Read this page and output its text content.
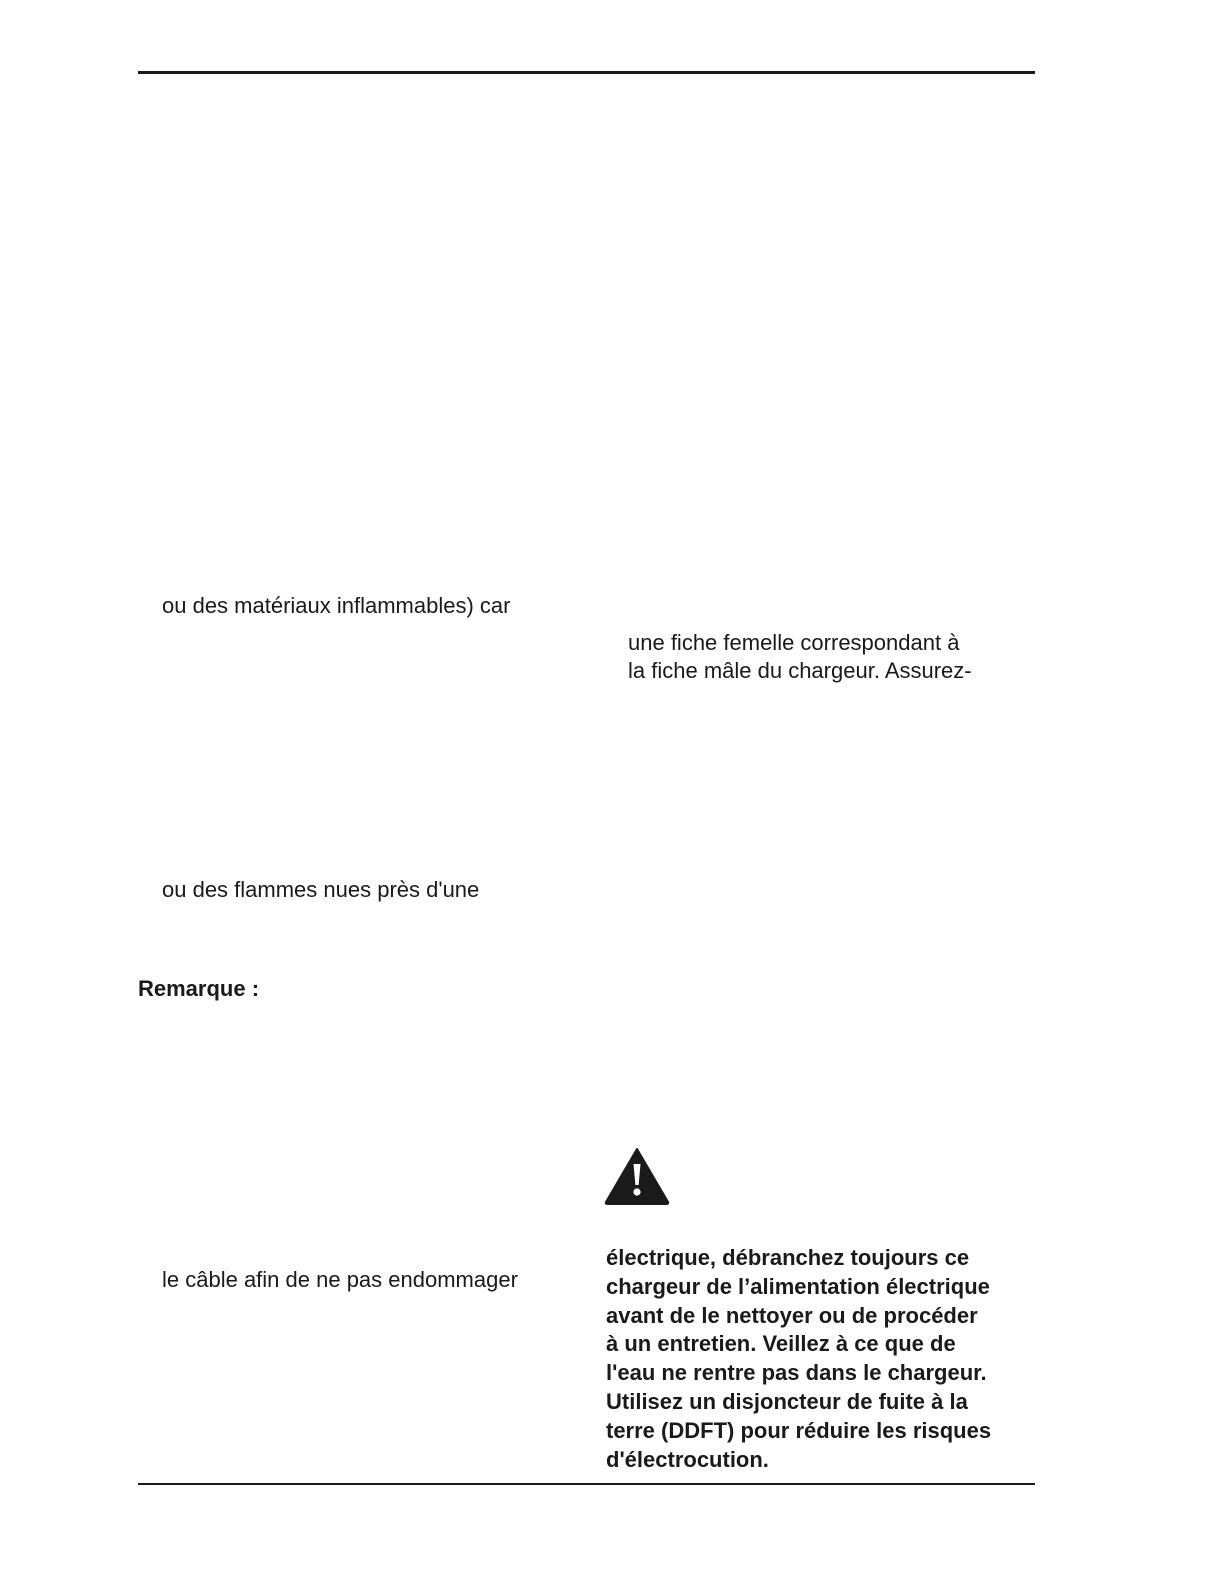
ou des matériaux inflammables) car
une fiche femelle correspondant à
la fiche mâle du chargeur. Assurez-
ou des flammes nues près d'une
Remarque :
le câble afin de ne pas endommager
électrique, débranchez toujours ce
chargeur de l’alimentation électrique
avant de le nettoyer ou de procéder
à un entretien. Veillez à ce que de
l'eau ne rentre pas dans le chargeur.
Utilisez un disjoncteur de fuite à la
terre (DDFT) pour réduire les risques
d'électrocution.
